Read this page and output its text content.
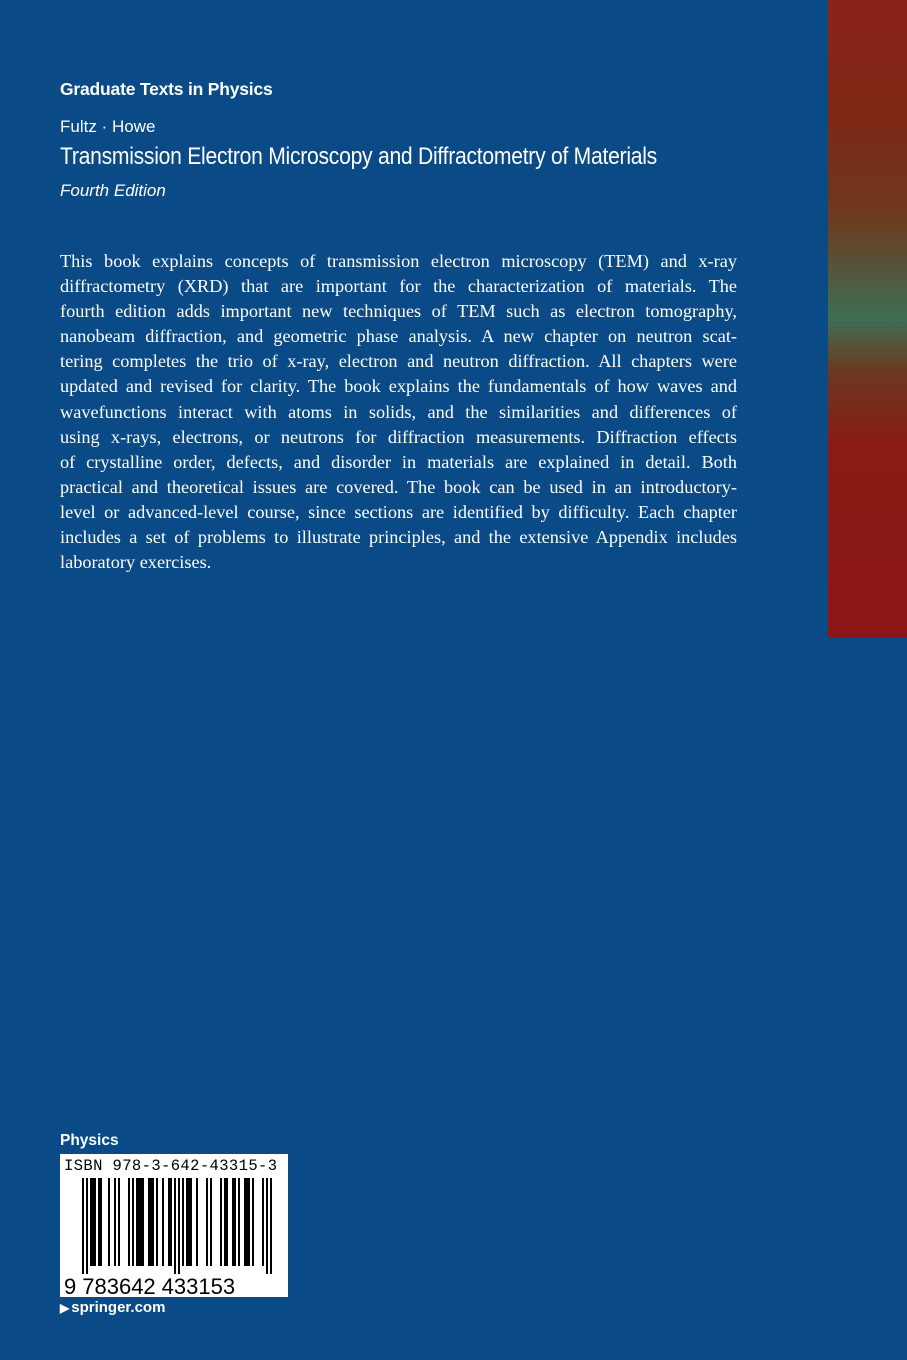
Graduate Texts in Physics
Fultz · Howe
Transmission Electron Microscopy and Diffractometry of Materials
Fourth Edition

This book explains concepts of transmission electron microscopy (TEM) and x-ray
diffractometry (XRD) that are important for the characterization of materials. The
fourth edition adds important new techniques of TEM such as electron tomography,
nanobeam diffraction, and geometric phase analysis. A new chapter on neutron scat-
tering completes the trio of x-ray, electron and neutron diffraction. All chapters were
updated and revised for clarity. The book explains the fundamentals of how waves and
wavefunctions interact with atoms in solids, and the similarities and differences of
using x-rays, electrons, or neutrons for diffraction measurements. Diffraction effects
of crystalline order, defects, and disorder in materials are explained in detail. Both
practical and theoretical issues are covered. The book can be used in an introductory-
level or advanced-level course, since sections are identified by difficulty. Each chapter
includes a set of problems to illustrate principles, and the extensive Appendix includes
laboratory exercises.

Physics
ISBN 978-3-642-43315-3
9 783642 433153
▶ springer.com
